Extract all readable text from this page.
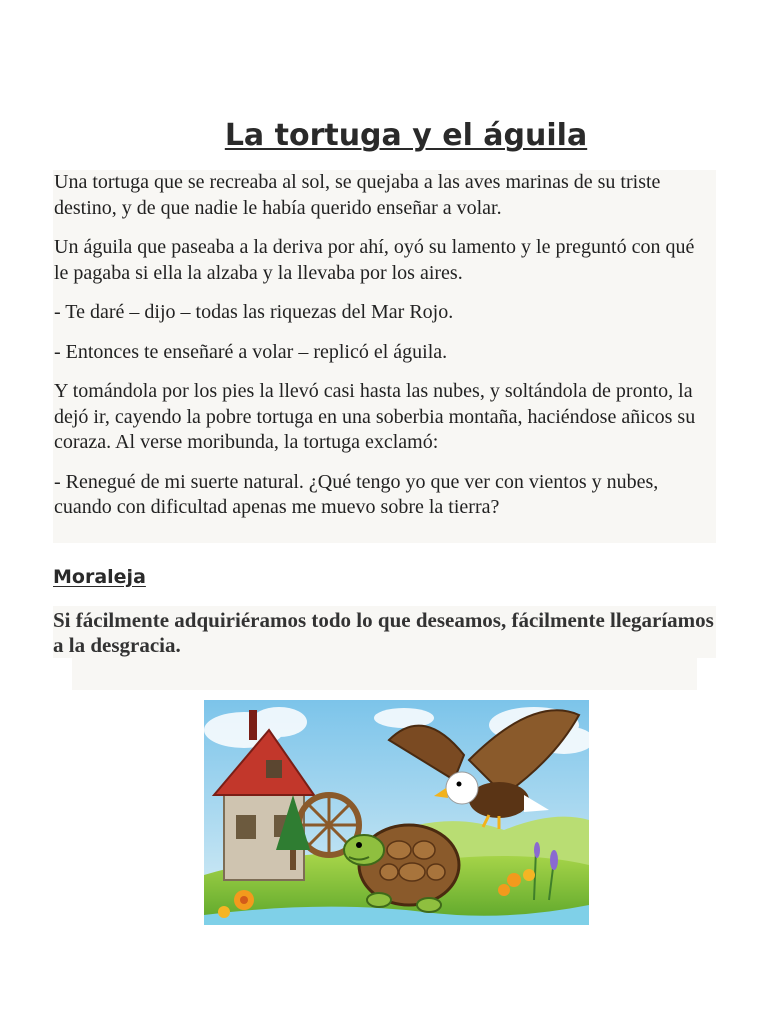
La tortuga y el águila

Una tortuga que se recreaba al sol, se quejaba a las aves marinas de su triste destino, y de que nadie le había querido enseñar a volar.

Un águila que paseaba a la deriva por ahí, oyó su lamento y le preguntó con qué le pagaba si ella la alzaba y la llevaba por los aires.

- Te daré – dijo – todas las riquezas del Mar Rojo.

- Entonces te enseñaré a volar – replicó el águila.

Y tomándola por los pies la llevó casi hasta las nubes, y soltándola de pronto, la dejó ir, cayendo la pobre tortuga en una soberbia montaña, haciéndose añicos su coraza. Al verse moribunda, la tortuga exclamó:

- Renegué de mi suerte natural. ¿Qué tengo yo que ver con vientos y nubes, cuando con dificultad apenas me muevo sobre la tierra?

Moraleja

Si fácilmente adquiriéramos todo lo que deseamos, fácilmente llegaríamos a la desgracia.
